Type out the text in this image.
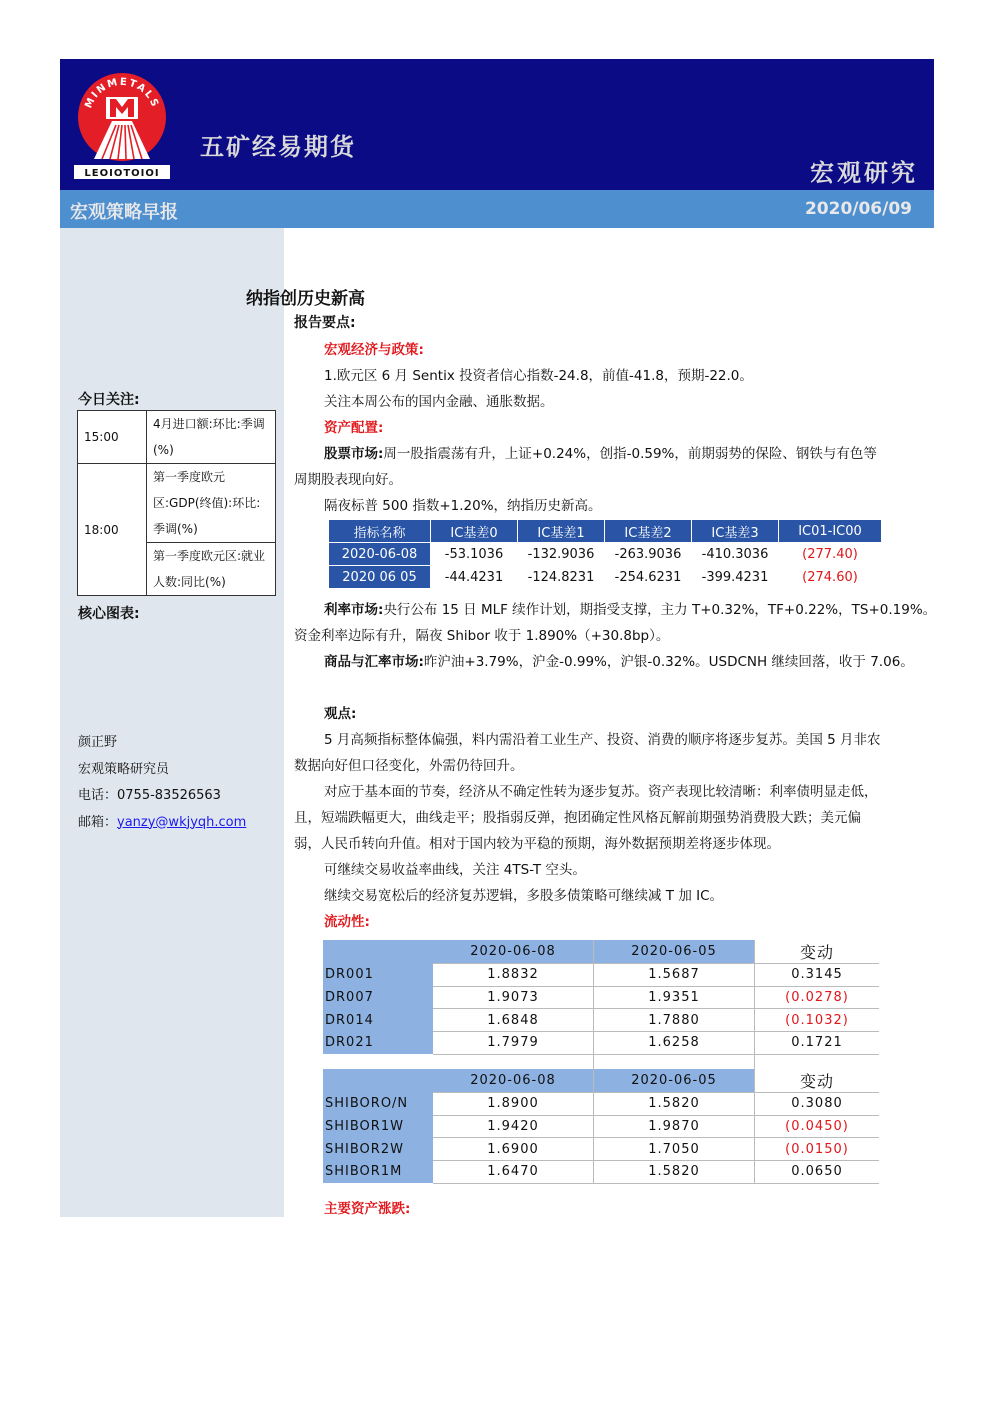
MINMETALS
LEOIOTOIOI
五矿经易期货
宏观研究
宏观策略早报	2020/06/09
今日关注:
15:00	4月进口额:环比:季调(%)
18:00	第一季度欧元区:GDP(终值):环比:季调(%)
	第一季度欧元区:就业人数:同比(%)
核心图表:
颜正野
宏观策略研究员
电话：0755-83526563
邮箱：yanzy@wkjyqh.com
纳指创历史新高
报告要点:
宏观经济与政策:
1.欧元区 6 月 Sentix 投资者信心指数-24.8，前值-41.8，预期-22.0。
关注本周公布的国内金融、通胀数据。
资产配置:
股票市场:周一股指震荡有升，上证+0.24%，创指-0.59%，前期弱势的保险、钢铁与有色等
周期股表现向好。
隔夜标普 500 指数+1.20%，纳指历史新高。
指标名称	IC基差0	IC基差1	IC基差2	IC基差3	IC01-IC00
2020-06-08	-53.1036	-132.9036	-263.9036	-410.3036	(277.40)
2020 06 05	-44.4231	-124.8231	-254.6231	-399.4231	(274.60)
利率市场:央行公布 15 日 MLF 续作计划，期指受支撑，主力 T+0.32%，TF+0.22%，TS+0.19%。
资金利率边际有升，隔夜 Shibor 收于 1.890%（+30.8bp）。
商品与汇率市场:昨沪油+3.79%，沪金-0.99%，沪银-0.32%。USDCNH 继续回落，收于 7.06。
观点:
5 月高频指标整体偏强，料内需沿着工业生产、投资、消费的顺序将逐步复苏。美国 5 月非农
数据向好但口径变化，外需仍待回升。
对应于基本面的节奏，经济从不确定性转为逐步复苏。资产表现比较清晰：利率债明显走低，
且，短端跌幅更大，曲线走平；股指弱反弹，抱团确定性风格瓦解前期强势消费股大跌；美元偏
弱，人民币转向升值。相对于国内较为平稳的预期，海外数据预期差将逐步体现。
可继续交易收益率曲线，关注 4TS-T 空头。
继续交易宽松后的经济复苏逻辑，多股多债策略可继续减 T 加 IC。
流动性:
	2020-06-08	2020-06-05	变动
DR001	1.8832	1.5687	0.3145
DR007	1.9073	1.9351	(0.0278)
DR014	1.6848	1.7880	(0.1032)
DR021	1.7979	1.6258	0.1721

	2020-06-08	2020-06-05	变动
SHIBORO/N	1.8900	1.5820	0.3080
SHIBOR1W	1.9420	1.9870	(0.0450)
SHIBOR2W	1.6900	1.7050	(0.0150)
SHIBOR1M	1.6470	1.5820	0.0650
主要资产涨跌:
